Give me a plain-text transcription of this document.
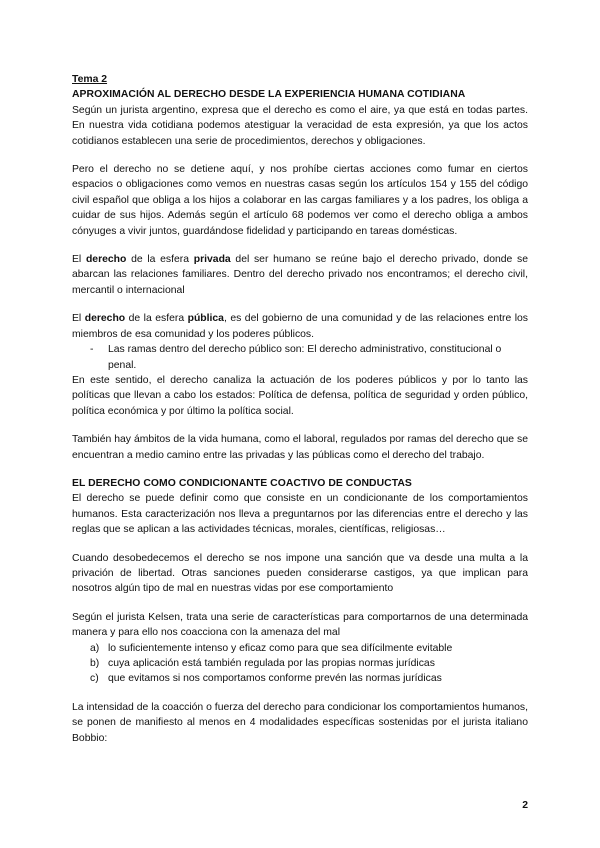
Tema 2

APROXIMACIÓN AL DERECHO DESDE LA EXPERIENCIA HUMANA COTIDIANA

Según un jurista argentino, expresa que el derecho es como el aire, ya que está en todas partes. En nuestra vida cotidiana podemos atestiguar la veracidad de esta expresión, ya que los actos cotidianos establecen una serie de procedimientos, derechos y obligaciones.

Pero el derecho no se detiene aquí, y nos prohíbe ciertas acciones como fumar en ciertos espacios o obligaciones como vemos en nuestras casas según los artículos 154 y 155 del código civil español que obliga a los hijos a colaborar en las cargas familiares y a los padres, los obliga a cuidar de sus hijos. Además según el artículo 68 podemos ver como el derecho obliga a ambos cónyuges a vivir juntos, guardándose fidelidad y participando en tareas domésticas.

El derecho de la esfera privada del ser humano se reúne bajo el derecho privado, donde se abarcan las relaciones familiares. Dentro del derecho privado nos encontramos; el derecho civil, mercantil o internacional

El derecho de la esfera pública, es del gobierno de una comunidad y de las relaciones entre los miembros de esa comunidad y los poderes públicos.

- Las ramas dentro del derecho público son: El derecho administrativo, constitucional o penal.

En este sentido, el derecho canaliza la actuación de los poderes públicos y por lo tanto las políticas que llevan a cabo los estados: Política de defensa, política de seguridad y orden público, política económica y por último la política social.

También hay ámbitos de la vida humana, como el laboral, regulados por ramas del derecho que se encuentran a medio camino entre las privadas y las públicas como el derecho del trabajo.

EL DERECHO COMO CONDICIONANTE COACTIVO DE CONDUCTAS

El derecho se puede definir como que consiste en un condicionante de los comportamientos humanos. Esta caracterización nos lleva a preguntarnos por las diferencias entre el derecho y las reglas que se aplican a las actividades técnicas, morales, científicas, religiosas…

Cuando desobedecemos el derecho se nos impone una sanción que va desde una multa a la privación de libertad. Otras sanciones pueden considerarse castigos, ya que implican para nosotros algún tipo de mal en nuestras vidas por ese comportamiento

Según el jurista Kelsen, trata una serie de características para comportarnos de una determinada manera y para ello nos coacciona con la amenaza del mal

a) lo suficientemente intenso y eficaz como para que sea difícilmente evitable
b) cuya aplicación está también regulada por las propias normas jurídicas
c) que evitamos si nos comportamos conforme prevén las normas jurídicas

La intensidad de la coacción o fuerza del derecho para condicionar los comportamientos humanos, se ponen de manifiesto al menos en 4 modalidades específicas sostenidas por el jurista italiano Bobbio:

2
